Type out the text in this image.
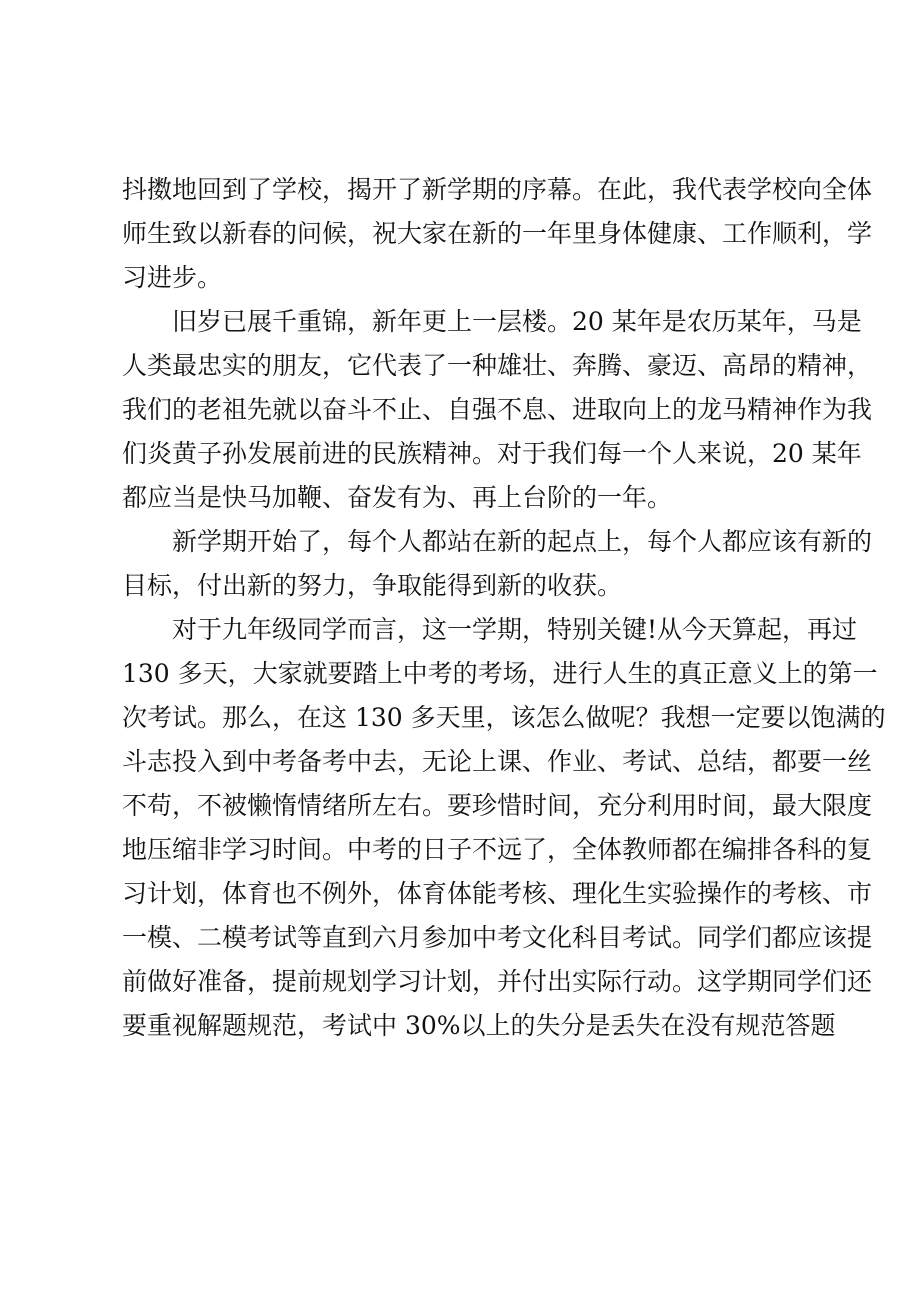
抖擞地回到了学校，揭开了新学期的序幕。在此，我代表学校向全体
师生致以新春的问候，祝大家在新的一年里身体健康、工作顺利，学
习进步。
旧岁已展千重锦，新年更上一层楼。20 某年是农历某年，马是
人类最忠实的朋友，它代表了一种雄壮、奔腾、豪迈、高昂的精神，
我们的老祖先就以奋斗不止、自强不息、进取向上的龙马精神作为我
们炎黄子孙发展前进的民族精神。对于我们每一个人来说，20 某年
都应当是快马加鞭、奋发有为、再上台阶的一年。
新学期开始了，每个人都站在新的起点上，每个人都应该有新的
目标，付出新的努力，争取能得到新的收获。
对于九年级同学而言，这一学期，特别关键!从今天算起，再过
130 多天，大家就要踏上中考的考场，进行人生的真正意义上的第一
次考试。那么，在这 130 多天里，该怎么做呢？我想一定要以饱满的
斗志投入到中考备考中去，无论上课、作业、考试、总结，都要一丝
不苟，不被懒惰情绪所左右。要珍惜时间，充分利用时间，最大限度
地压缩非学习时间。中考的日子不远了，全体教师都在编排各科的复
习计划，体育也不例外，体育体能考核、理化生实验操作的考核、市
一模、二模考试等直到六月参加中考文化科目考试。同学们都应该提
前做好准备，提前规划学习计划，并付出实际行动。这学期同学们还
要重视解题规范，考试中 30%以上的失分是丢失在没有规范答题
